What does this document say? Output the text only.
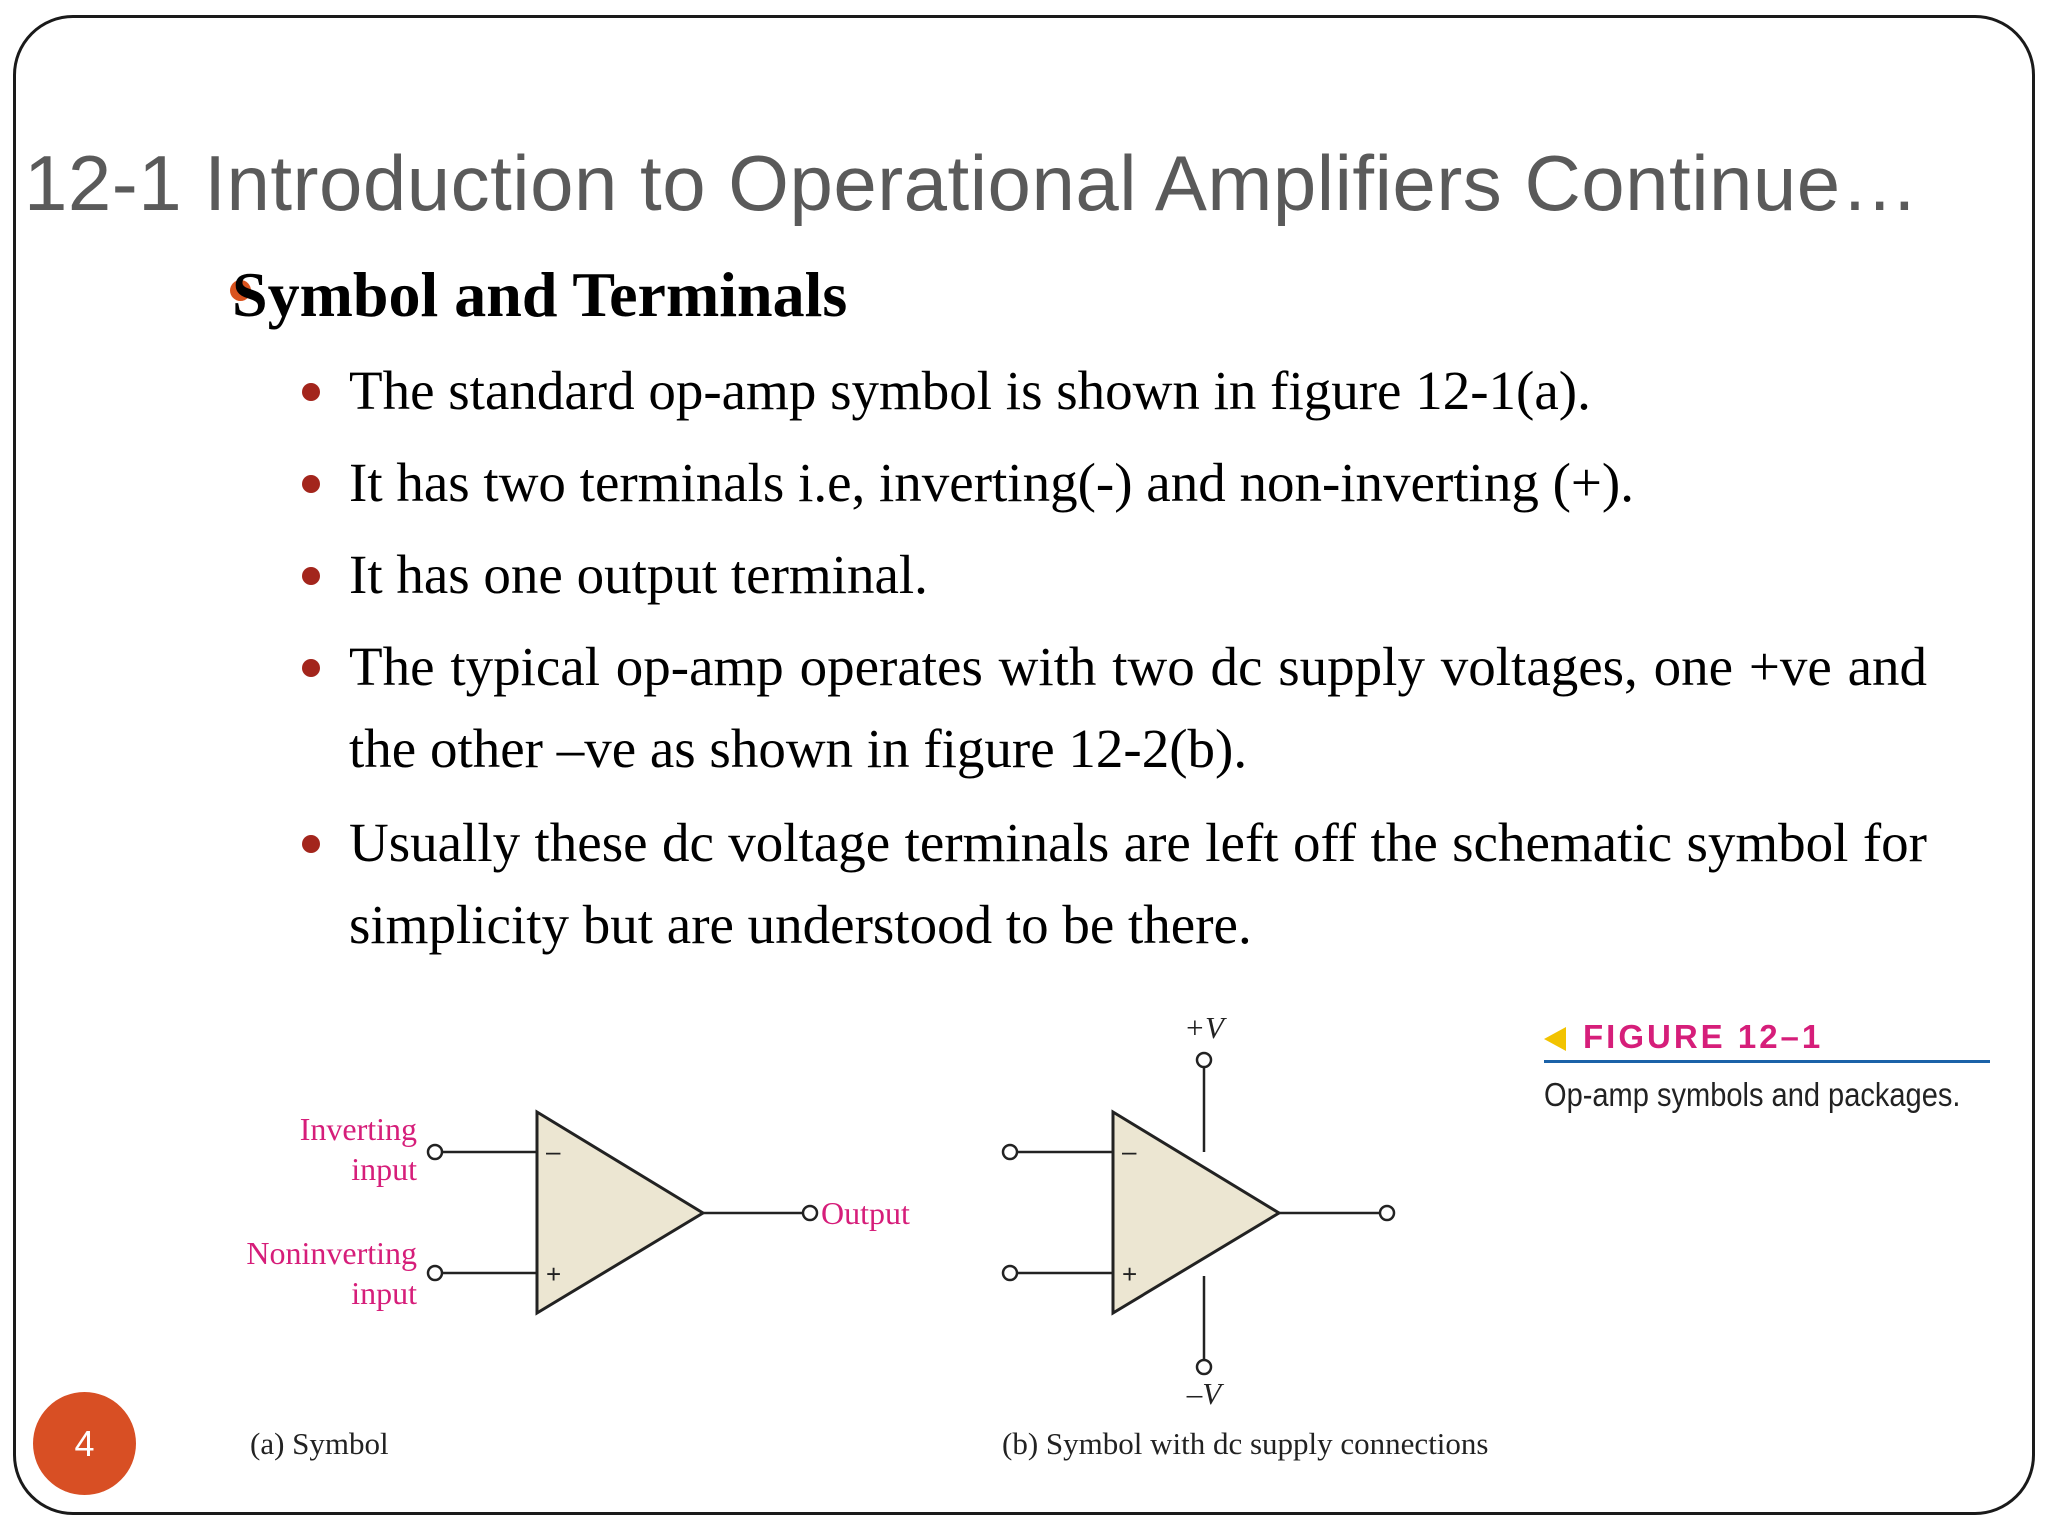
12-1 Introduction to Operational Amplifiers Continue…
Symbol and Terminals
The standard op-amp symbol is shown in figure 12-1(a).
It has two terminals i.e, inverting(-) and non-inverting (+).
It has one output terminal.
The typical op-amp operates with two dc supply voltages, one +ve and the other –ve as shown in figure 12-2(b).
Usually these dc voltage terminals are left off the schematic symbol for simplicity but are understood to be there.
Inverting
input
Noninverting
input
–
+
Output
(a) Symbol
+V
–
+
–V
(b) Symbol with dc supply connections
FIGURE 12–1
Op-amp symbols and packages.
4
